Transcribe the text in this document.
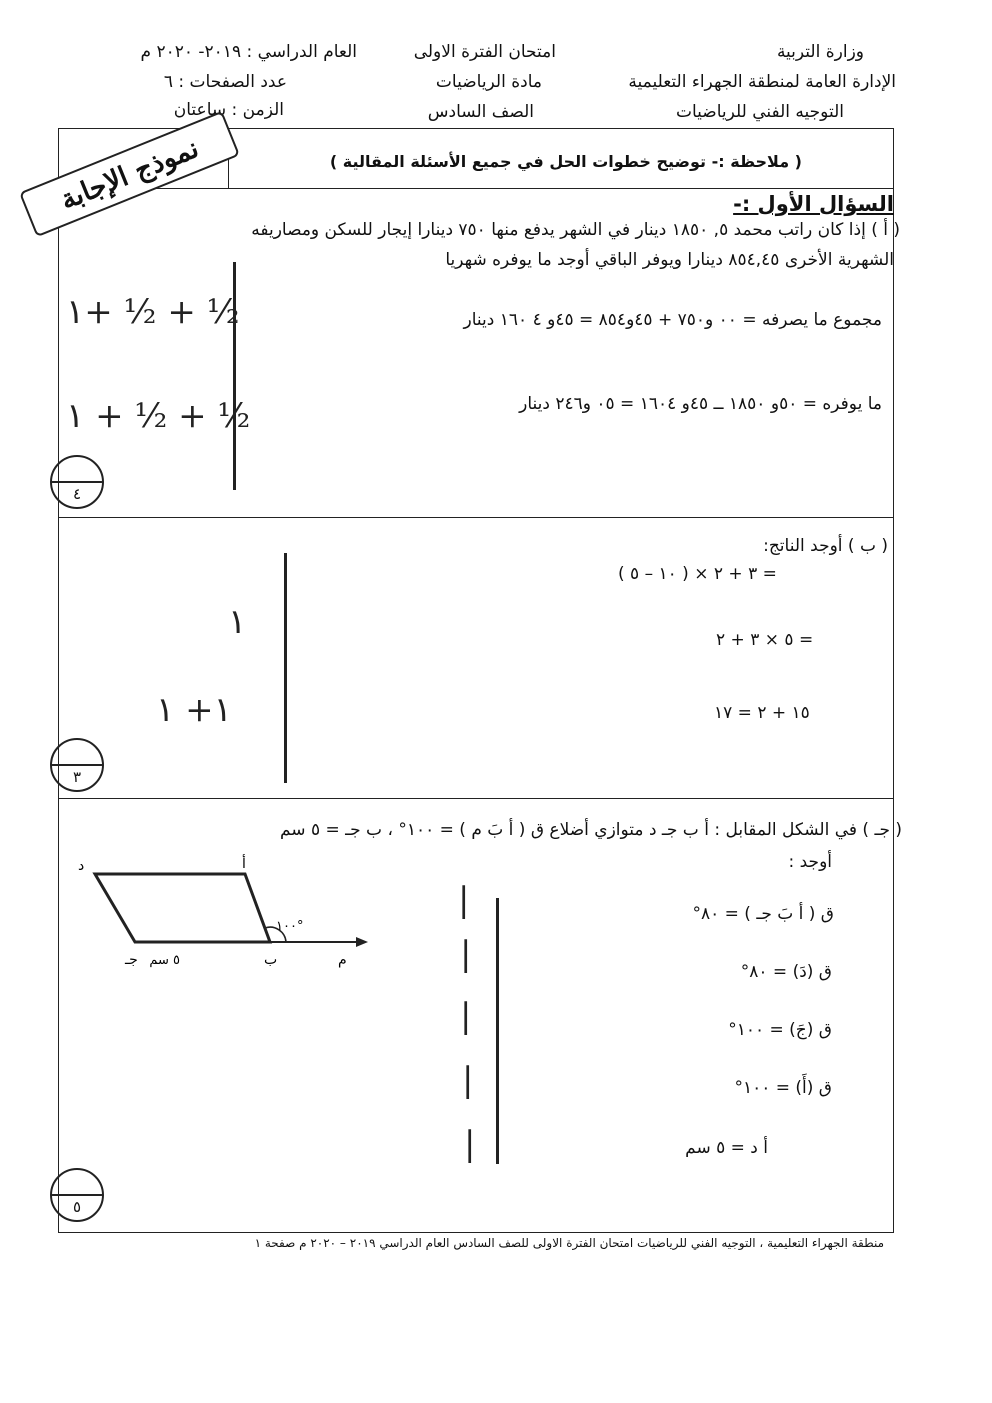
وزارة التربية
الإدارة العامة لمنطقة الجهراء التعليمية
التوجيه الفني للرياضيات
امتحان الفترة الاولى
مادة الرياضيات
الصف السادس
العام الدراسي : ٢٠١٩- ٢٠٢٠ م
عدد الصفحات : ٦
الزمن : ساعتان
نموذج الإجابة	( ملاحظة :- توضيح خطوات الحل في جميع الأسئلة المقالية )
السؤال الأول :-
( أ ) إذا كان راتب محمد ٥, ١٨٥٠ دينار في الشهر يدفع منها ٧٥٠ دينارا إيجار للسكن ومصاريفه
الشهرية الأخرى ٨٥٤,٤٥ دينارا ويوفر الباقي أوجد ما يوفره شهريا
مجموع ما يصرفه = ٠٠ و٧٥٠ + ٤٥و٨٥٤ = ٤٥و ٤ ١٦٠ دينار
ما يوفره = ٥٠و ١٨٥٠ ــ ٤٥و ١٦٠٤ = ٠٥ و٢٤٦ دينار
١+ ½ + ½
١ + ½ + ½
٤
( ب ) أوجد الناتج:
( ١٠ – ٥ ) × ٣ + ٢ =
٥ × ٣ + ٢ =
١٥ + ٢ = ١٧
١
١+ ١
٣
( جـ ) في الشكل المقابل : أ ب جـ د متوازي أضلاع ق ( أ بَ م ) = ١٠٠° ، ب جـ = ٥ سم
أوجد :
أ
د
ب
جـ	م
٥ سم
١٠٠°
ق ( أ بَ جـ ) = ٨٠°
ق (دَ) = ٨٠°
ق (جَ) = ١٠٠°
ق (أَ) = ١٠٠°
أ د = ٥ سم
|
|
|
|
|
٥
منطقة الجهراء التعليمية ، التوجيه الفني للرياضيات امتحان الفترة الاولى للصف السادس العام الدراسي ٢٠١٩ – ٢٠٢٠ م صفحة ١
